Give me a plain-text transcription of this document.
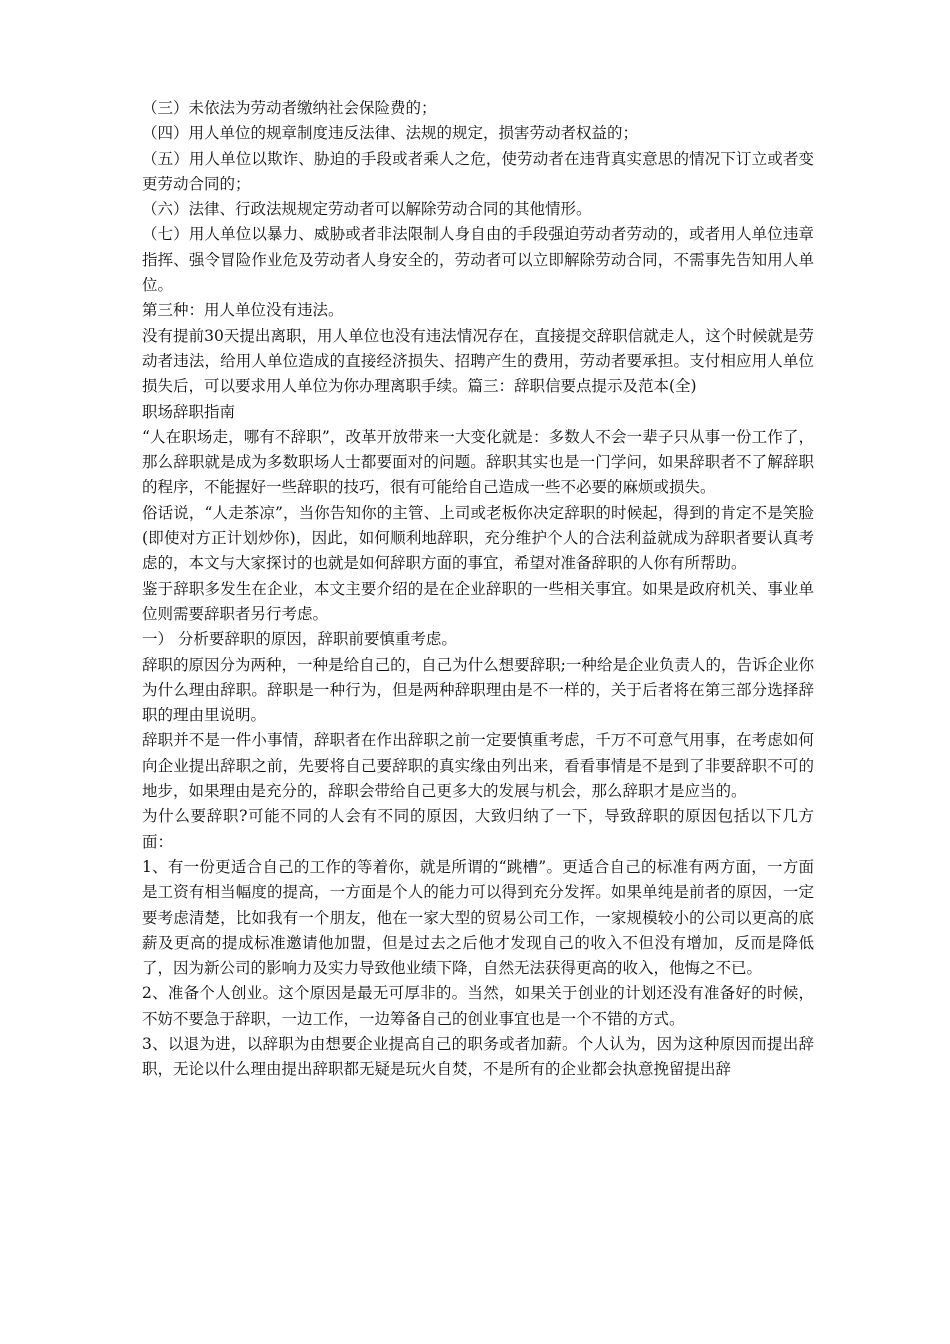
（三）未依法为劳动者缴纳社会保险费的；

（四）用人单位的规章制度违反法律、法规的规定，损害劳动者权益的；

（五）用人单位以欺诈、胁迫的手段或者乘人之危，使劳动者在违背真实意思的情况下订立或者变更劳动合同的；

（六）法律、行政法规规定劳动者可以解除劳动合同的其他情形。

（七）用人单位以暴力、威胁或者非法限制人身自由的手段强迫劳动者劳动的，或者用人单位违章指挥、强令冒险作业危及劳动者人身安全的，劳动者可以立即解除劳动合同，不需事先告知用人单位。

第三种：用人单位没有违法。

没有提前30天提出离职，用人单位也没有违法情况存在，直接提交辞职信就走人，这个时候就是劳动者违法，给用人单位造成的直接经济损失、招聘产生的费用，劳动者要承担。支付相应用人单位损失后，可以要求用人单位为你办理离职手续。篇三：辞职信要点提示及范本(全)

职场辞职指南

“人在职场走，哪有不辞职”，改革开放带来一大变化就是：多数人不会一辈子只从事一份工作了，那么辞职就是成为多数职场人士都要面对的问题。辞职其实也是一门学问，如果辞职者不了解辞职的程序，不能握好一些辞职的技巧，很有可能给自己造成一些不必要的麻烦或损失。

俗话说，“人走茶凉”，当你告知你的主管、上司或老板你决定辞职的时候起，得到的肯定不是笑脸(即使对方正计划炒你)，因此，如何顺利地辞职，充分维护个人的合法利益就成为辞职者要认真考虑的，本文与大家探讨的也就是如何辞职方面的事宜，希望对准备辞职的人你有所帮助。

鉴于辞职多发生在企业，本文主要介绍的是在企业辞职的一些相关事宜。如果是政府机关、事业单位则需要辞职者另行考虑。

一） 分析要辞职的原因，辞职前要慎重考虑。

辞职的原因分为两种，一种是给自己的，自己为什么想要辞职;一种给是企业负责人的，告诉企业你为什么理由辞职。辞职是一种行为，但是两种辞职理由是不一样的，关于后者将在第三部分选择辞职的理由里说明。

辞职并不是一件小事情，辞职者在作出辞职之前一定要慎重考虑，千万不可意气用事，在考虑如何向企业提出辞职之前，先要将自己要辞职的真实缘由列出来，看看事情是不是到了非要辞职不可的地步，如果理由是充分的，辞职会带给自己更多大的发展与机会，那么辞职才是应当的。

为什么要辞职?可能不同的人会有不同的原因，大致归纳了一下，导致辞职的原因包括以下几方面：

1、有一份更适合自己的工作的等着你，就是所谓的“跳槽”。更适合自己的标准有两方面，一方面是工资有相当幅度的提高，一方面是个人的能力可以得到充分发挥。如果单纯是前者的原因，一定要考虑清楚，比如我有一个朋友，他在一家大型的贸易公司工作，一家规模较小的公司以更高的底薪及更高的提成标准邀请他加盟，但是过去之后他才发现自己的收入不但没有增加，反而是降低了，因为新公司的影响力及实力导致他业绩下降，自然无法获得更高的收入，他悔之不已。

2、准备个人创业。这个原因是最无可厚非的。当然，如果关于创业的计划还没有准备好的时候，不妨不要急于辞职，一边工作，一边筹备自己的创业事宜也是一个不错的方式。

3、以退为进，以辞职为由想要企业提高自己的职务或者加薪。个人认为，因为这种原因而提出辞职，无论以什么理由提出辞职都无疑是玩火自焚，不是所有的企业都会执意挽留提出辞
